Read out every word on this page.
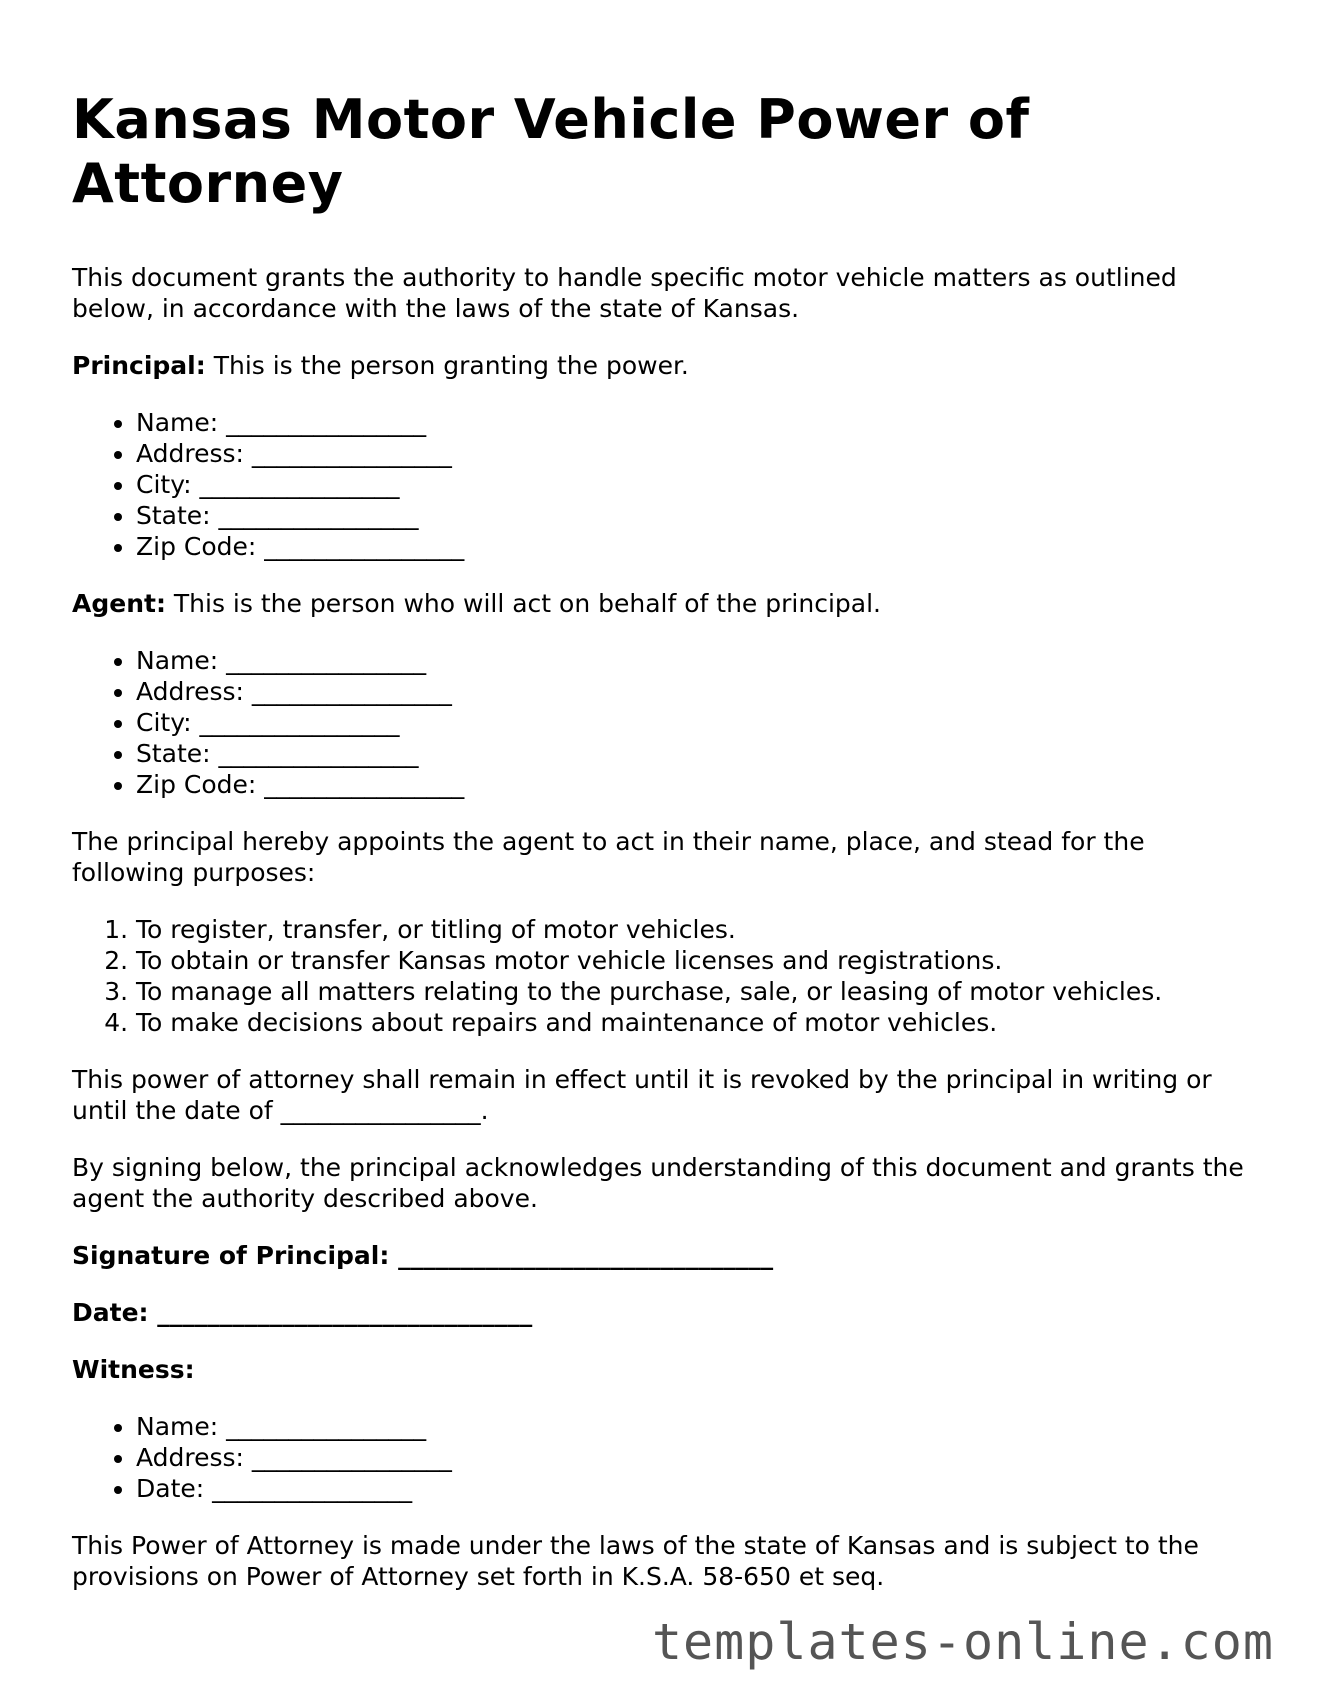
Kansas Motor Vehicle Power of Attorney

This document grants the authority to handle specific motor vehicle matters as outlined below, in accordance with the laws of the state of Kansas.

Principal: This is the person granting the power.

• Name: ________________
• Address: ________________
• City: ________________
• State: ________________
• Zip Code: ________________

Agent: This is the person who will act on behalf of the principal.

• Name: ________________
• Address: ________________
• City: ________________
• State: ________________
• Zip Code: ________________

The principal hereby appoints the agent to act in their name, place, and stead for the following purposes:

1. To register, transfer, or titling of motor vehicles.
2. To obtain or transfer Kansas motor vehicle licenses and registrations.
3. To manage all matters relating to the purchase, sale, or leasing of motor vehicles.
4. To make decisions about repairs and maintenance of motor vehicles.

This power of attorney shall remain in effect until it is revoked by the principal in writing or until the date of ________________.

By signing below, the principal acknowledges understanding of this document and grants the agent the authority described above.

Signature of Principal: ______________________________

Date: ______________________________

Witness:

• Name: ________________
• Address: ________________
• Date: ________________

This Power of Attorney is made under the laws of the state of Kansas and is subject to the provisions on Power of Attorney set forth in K.S.A. 58-650 et seq.

templates-online.com
